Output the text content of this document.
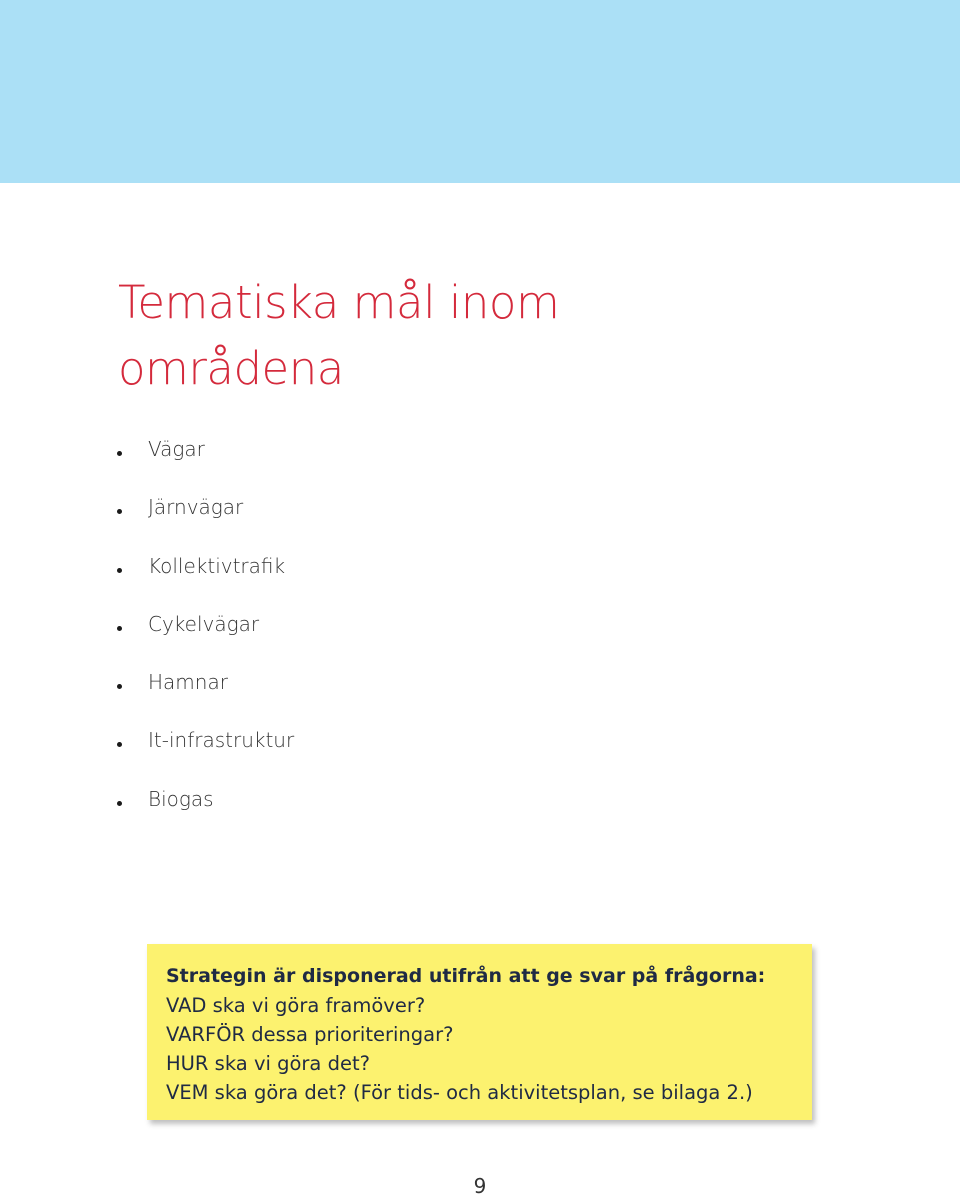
Tematiska mål inom
områdena
Vägar
Järnvägar
Kollektivtrafik
Cykelvägar
Hamnar
It-infrastruktur
Biogas
Strategin är disponerad utifrån att ge svar på frågorna:
VAD ska vi göra framöver?
VARFÖR dessa prioriteringar?
HUR ska vi göra det?
VEM ska göra det? (För tids- och aktivitetsplan, se bilaga 2.)
9
